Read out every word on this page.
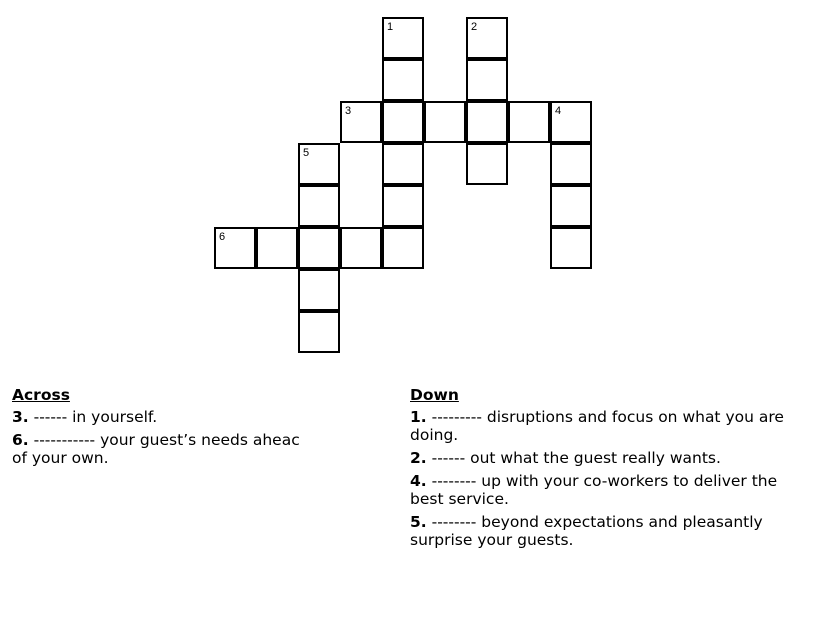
1	2
3	4
5
6
Across
3. ------ in yourself.
6. ----------- your guest’s needs aheac
of your own.
Down
1. --------- disruptions and focus on what you are doing.
2. ------ out what the guest really wants.
4. -------- up with your co-workers to deliver the best service.
5. -------- beyond expectations and pleasantly surprise your guests.
